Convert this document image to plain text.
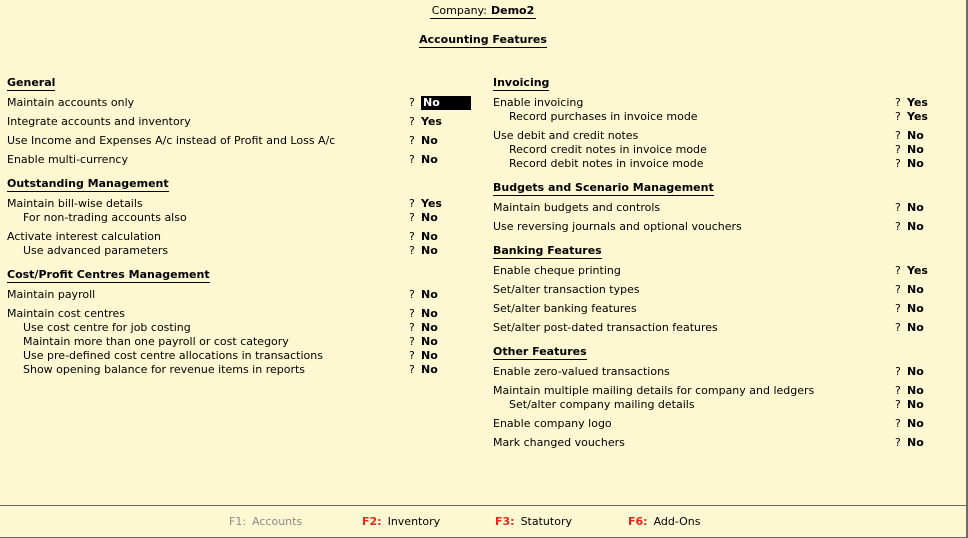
Company: Demo2
Accounting Features
General
Maintain accounts only	? No
Integrate accounts and inventory	? Yes
Use Income and Expenses A/c instead of Profit and Loss A/c	? No
Enable multi-currency	? No
Outstanding Management
Maintain bill-wise details	? Yes
For non-trading accounts also	? No
Activate interest calculation	? No
Use advanced parameters	? No
Cost/Profit Centres Management
Maintain payroll	? No
Maintain cost centres	? No
Use cost centre for job costing	? No
Maintain more than one payroll or cost category	? No
Use pre-defined cost centre allocations in transactions	? No
Show opening balance for revenue items in reports	? No
Invoicing
Enable invoicing	? Yes
Record purchases in invoice mode	? Yes
Use debit and credit notes	? No
Record credit notes in invoice mode	? No
Record debit notes in invoice mode	? No
Budgets and Scenario Management
Maintain budgets and controls	? No
Use reversing journals and optional vouchers	? No
Banking Features
Enable cheque printing	? Yes
Set/alter transaction types	? No
Set/alter banking features	? No
Set/alter post-dated transaction features	? No
Other Features
Enable zero-valued transactions	? No
Maintain multiple mailing details for company and ledgers	? No
Set/alter company mailing details	? No
Enable company logo	? No
Mark changed vouchers	? No
F1: Accounts	F2: Inventory	F3: Statutory	F6: Add-Ons
